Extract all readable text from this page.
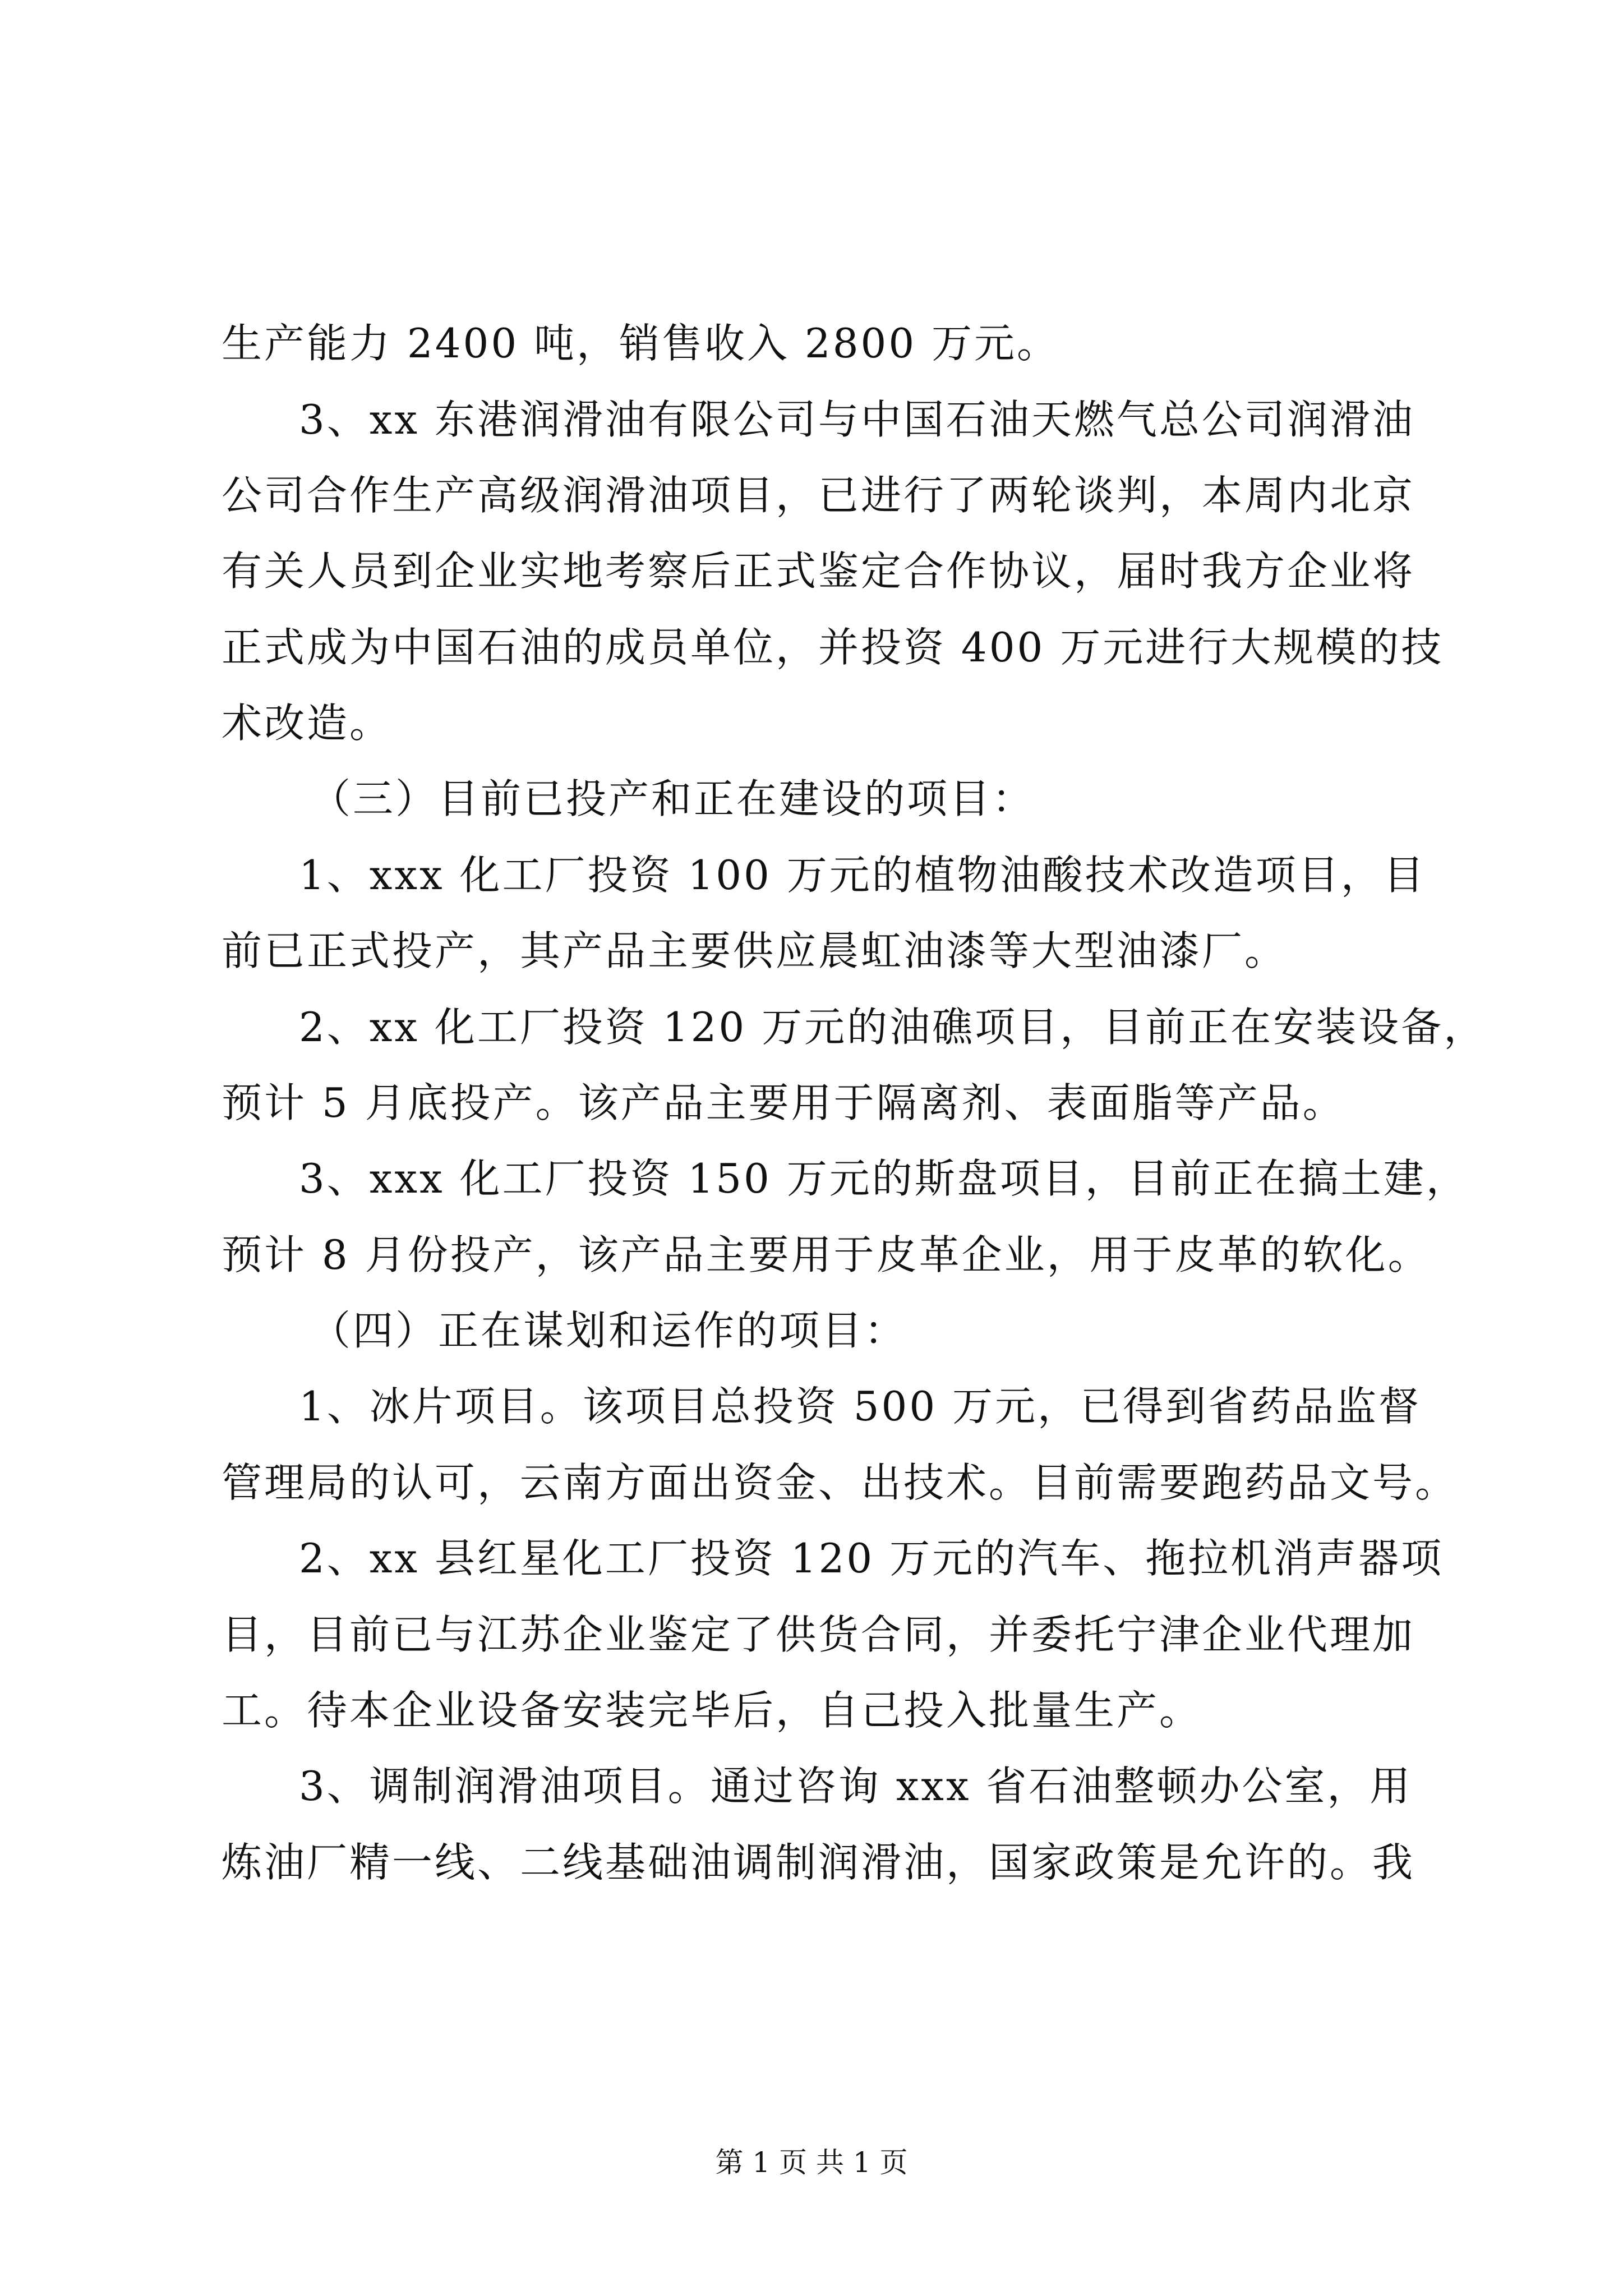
生产能力 2400 吨，销售收入 2800 万元。
3、xx 东港润滑油有限公司与中国石油天燃气总公司润滑油
公司合作生产高级润滑油项目，已进行了两轮谈判，本周内北京
有关人员到企业实地考察后正式鉴定合作协议，届时我方企业将
正式成为中国石油的成员单位，并投资 400 万元进行大规模的技
术改造。
（三）目前已投产和正在建设的项目：
1、xxx 化工厂投资 100 万元的植物油酸技术改造项目，目
前已正式投产，其产品主要供应晨虹油漆等大型油漆厂。
2、xx 化工厂投资 120 万元的油礁项目，目前正在安装设备，
预计 5 月底投产。该产品主要用于隔离剂、表面脂等产品。
3、xxx 化工厂投资 150 万元的斯盘项目，目前正在搞土建，
预计 8 月份投产，该产品主要用于皮革企业，用于皮革的软化。
（四）正在谋划和运作的项目：
1、冰片项目。该项目总投资 500 万元，已得到省药品监督
管理局的认可，云南方面出资金、出技术。目前需要跑药品文号。
2、xx 县红星化工厂投资 120 万元的汽车、拖拉机消声器项
目，目前已与江苏企业鉴定了供货合同，并委托宁津企业代理加
工。待本企业设备安装完毕后，自己投入批量生产。
3、调制润滑油项目。通过咨询 xxx 省石油整顿办公室，用
炼油厂精一线、二线基础油调制润滑油，国家政策是允许的。我
第 1 页 共 1 页
